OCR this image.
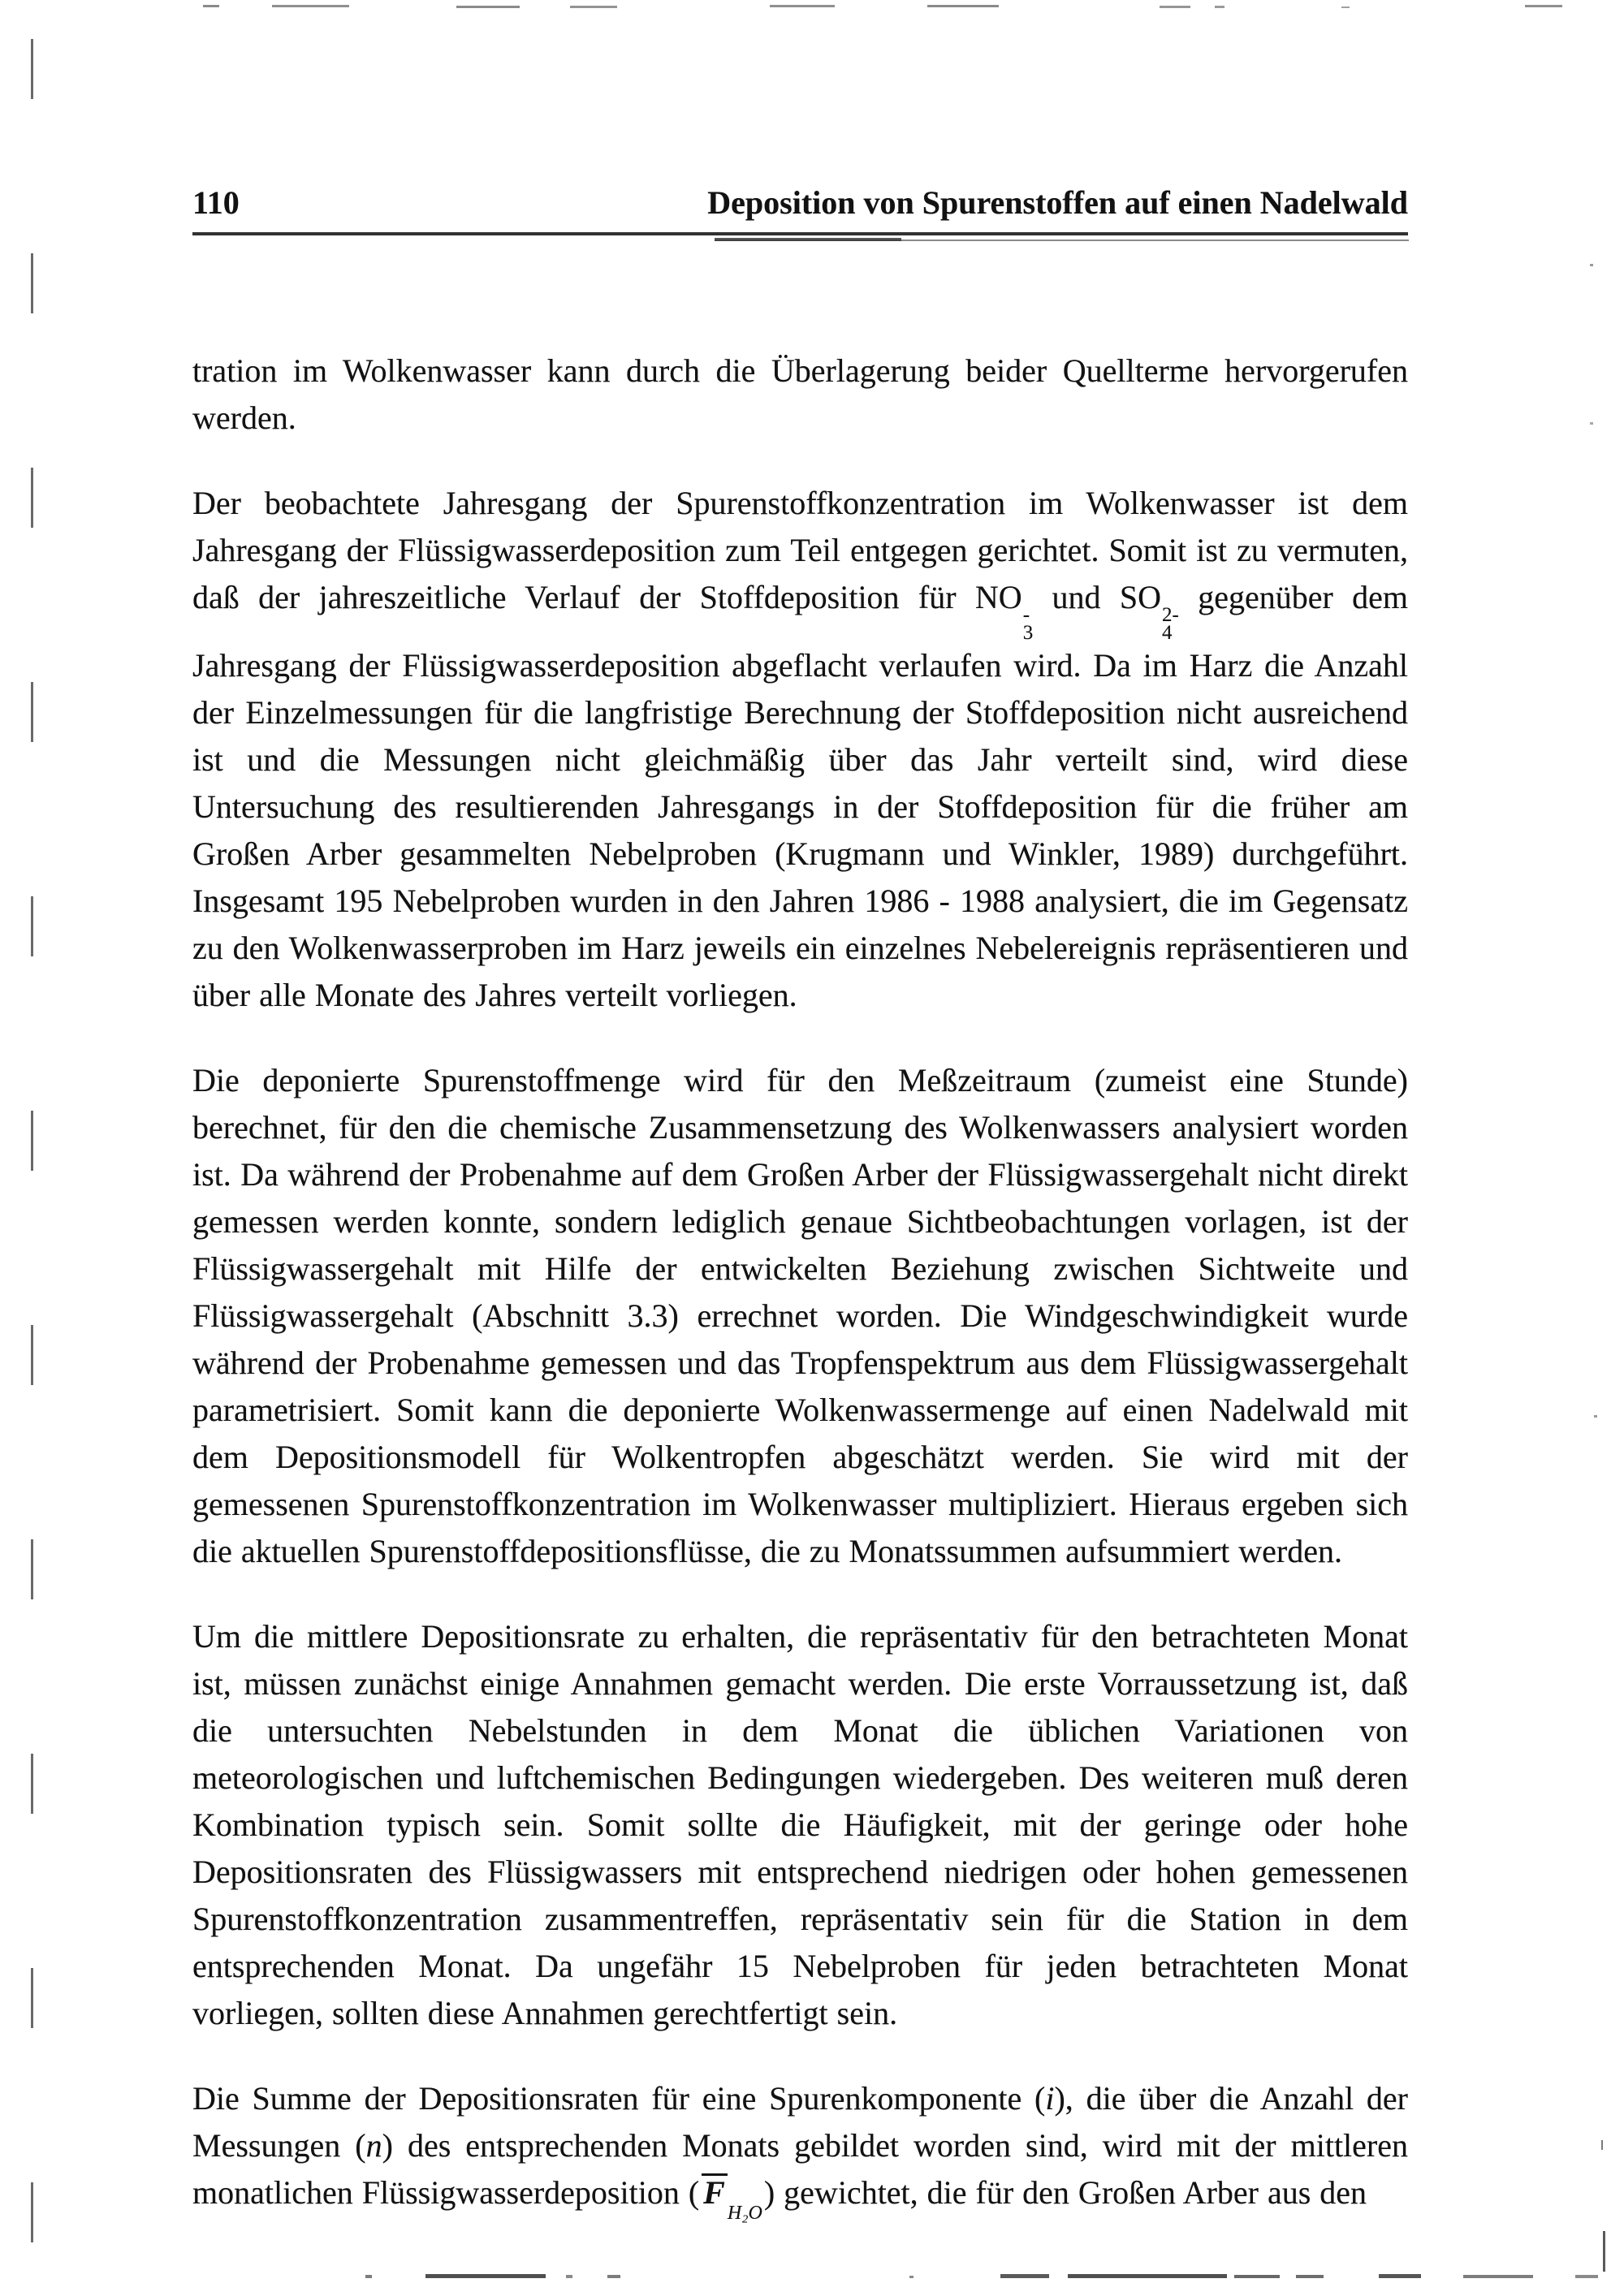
110	Deposition von Spurenstoffen auf einen Nadelwald

tration im Wolkenwasser kann durch die Überlagerung beider Quellterme hervorgerufen werden.

Der beobachtete Jahresgang der Spurenstoffkonzentration im Wolkenwasser ist dem Jahresgang der Flüssigwasserdeposition zum Teil entgegen gerichtet. Somit ist zu vermuten, daß der jahreszeitliche Verlauf der Stoffdeposition für NO -
3
und SO 2-
4
gegenüber dem Jahresgang der Flüssigwasserdeposition abgeflacht verlaufen wird. Da im Harz die Anzahl der Einzelmessungen für die langfristige Berechnung der Stoffdeposition nicht ausreichend ist und die Messungen nicht gleichmäßig über das Jahr verteilt sind, wird diese Untersuchung des resultierenden Jahresgangs in der Stoffdeposition für die früher am Großen Arber gesammelten Nebelproben (Krugmann und Winkler, 1989) durchgeführt. Insgesamt 195 Nebelproben wurden in den Jahren 1986 - 1988 analysiert, die im Gegensatz zu den Wolkenwasserproben im Harz jeweils ein einzelnes Nebelereignis repräsentieren und über alle Monate des Jahres verteilt vorliegen.

Die deponierte Spurenstoffmenge wird für den Meßzeitraum (zumeist eine Stunde) berechnet, für den die chemische Zusammensetzung des Wolkenwassers analysiert worden ist. Da während der Probenahme auf dem Großen Arber der Flüssigwassergehalt nicht direkt gemessen werden konnte, sondern lediglich genaue Sichtbeobachtungen vorlagen, ist der Flüssigwassergehalt mit Hilfe der entwickelten Beziehung zwischen Sichtweite und Flüssigwassergehalt (Abschnitt 3.3) errechnet worden. Die Windgeschwindigkeit wurde während der Probenahme gemessen und das Tropfenspektrum aus dem Flüssigwassergehalt parametrisiert. Somit kann die deponierte Wolkenwassermenge auf einen Nadelwald mit dem Depositionsmodell für Wolkentropfen abgeschätzt werden. Sie wird mit der gemessenen Spurenstoffkonzentration im Wolkenwasser multipliziert. Hieraus ergeben sich die aktuellen Spurenstoffdepositionsflüsse, die zu Monatssummen aufsummiert werden.

Um die mittlere Depositionsrate zu erhalten, die repräsentativ für den betrachteten Monat ist, müssen zunächst einige Annahmen gemacht werden. Die erste Vorraussetzung ist, daß die untersuchten Nebelstunden in dem Monat die üblichen Variationen von meteorologischen und luftchemischen Bedingungen wiedergeben. Des weiteren muß deren Kombination typisch sein. Somit sollte die Häufigkeit, mit der geringe oder hohe Depositionsraten des Flüssigwassers mit entsprechend niedrigen oder hohen gemessenen Spurenstoffkonzentration zusammentreffen, repräsentativ sein für die Station in dem entsprechenden Monat. Da ungefähr 15 Nebelproben für jeden betrachteten Monat vorliegen, sollten diese Annahmen gerechtfertigt sein.

Die Summe der Depositionsraten für eine Spurenkomponente (i), die über die Anzahl der Messungen (n) des entsprechenden Monats gebildet worden sind, wird mit der mittleren monatlichen Flüssigwasserdeposition ( $F_{H_2O}$) gewichtet, die für den Großen Arber aus den
